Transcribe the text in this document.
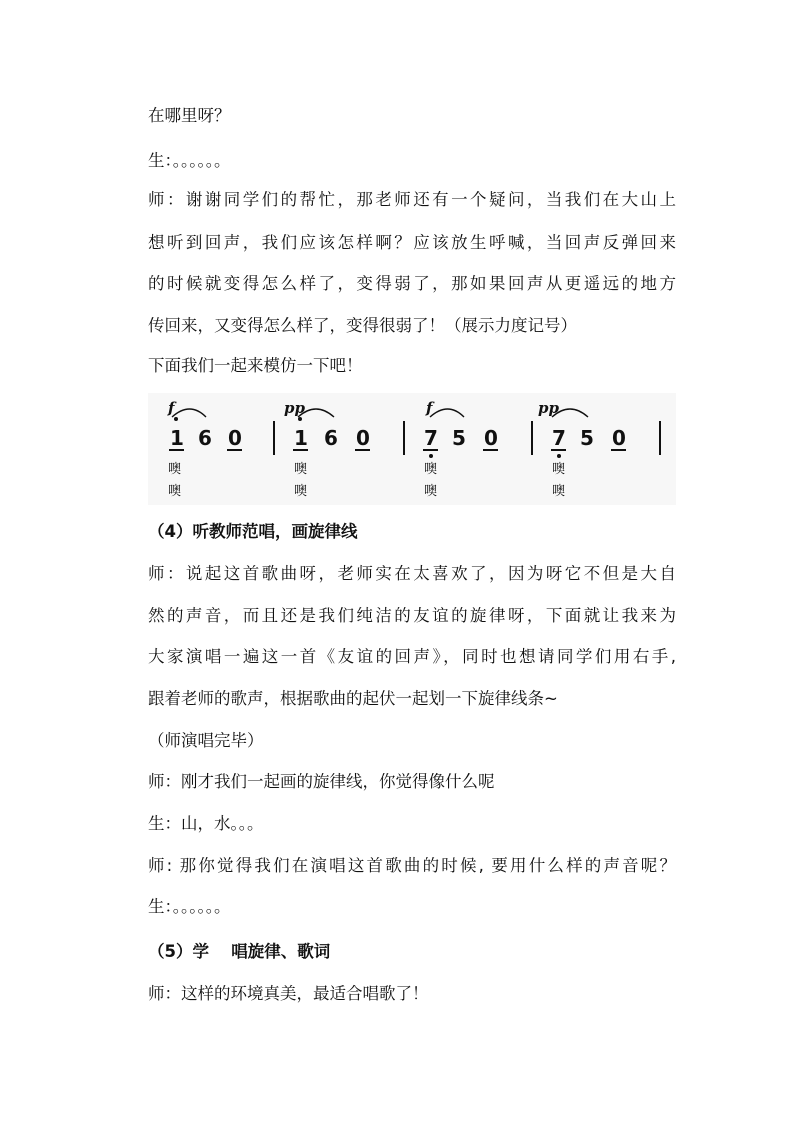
在哪里呀？

生：。。。。。。

师：谢谢同学们的帮忙，那老师还有一个疑问，当我们在大山上

想听到回声，我们应该怎样啊？应该放生呼喊，当回声反弹回来

的时候就变得怎么样了，变得弱了，那如果回声从更遥远的地方

传回来，又变得怎么样了，变得很弱了！（展示力度记号）

下面我们一起来模仿一下吧！

f
1 6 0
噢
噢
pp
1 6 0
噢
噢
f
7 5 0
噢
噢
pp
7 5 0
噢
噢

（4）听教师范唱，画旋律线

师：说起这首歌曲呀，老师实在太喜欢了，因为呀它不但是大自

然的声音，而且还是我们纯洁的友谊的旋律呀，下面就让我来为

大家演唱一遍这一首《友谊的回声》，同时也想请同学们用右手,

跟着老师的歌声，根据歌曲的起伏一起划一下旋律线条~

（师演唱完毕）

师：刚才我们一起画的旋律线，你觉得像什么呢

生：山，水。。。

师: 那你觉得我们在演唱这首歌曲的时候, 要用什么样的声音呢？

生：。。。。。。

（5）学　 唱旋律、歌词

师：这样的环境真美，最适合唱歌了！
